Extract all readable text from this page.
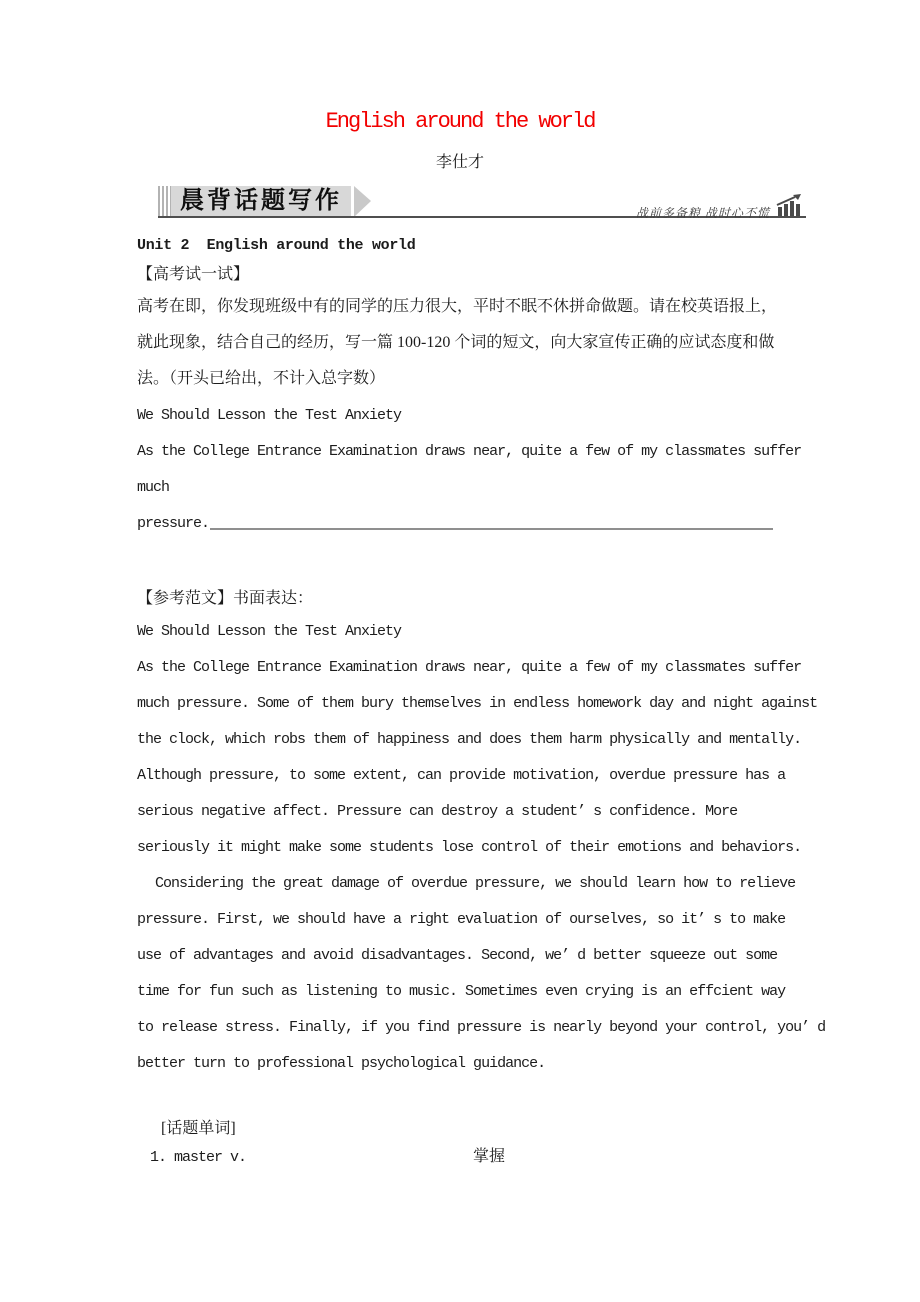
English around the world
李仕才
晨背话题写作	战前多备粮 战时心不慌
Unit 2  English around the world
【高考试一试】
高考在即，你发现班级中有的同学的压力很大，平时不眠不休拼命做题。请在校英语报上，
就此现象，结合自己的经历，写一篇 100-120 个词的短文，向大家宣传正确的应试态度和做
法。（开头已给出，不计入总字数）
We Should Lesson the Test Anxiety
As the College Entrance Examination draws near, quite a few of my classmates suffer
much
pressure.
【参考范文】书面表达：
We Should Lesson the Test Anxiety
As the College Entrance Examination draws near, quite a few of my classmates suffer
much pressure. Some of them bury themselves in endless homework day and night against
the clock, which robs them of happiness and does them harm physically and mentally.
Although pressure, to some extent, can provide motivation, overdue pressure has a
serious negative affect. Pressure can destroy a student’ s confidence. More
seriously it might make some students lose control of their emotions and behaviors.
Considering the great damage of overdue pressure, we should learn how to relieve
pressure. First, we should have a right evaluation of ourselves, so it’ s to make
use of advantages and avoid disadvantages. Second, we’ d better squeeze out some
time for fun such as listening to music. Sometimes even crying is an effcient way
to release stress. Finally, if you find pressure is nearly beyond your control, you’ d
better turn to professional psychological guidance.
[话题单词]
1. master v.	掌握
